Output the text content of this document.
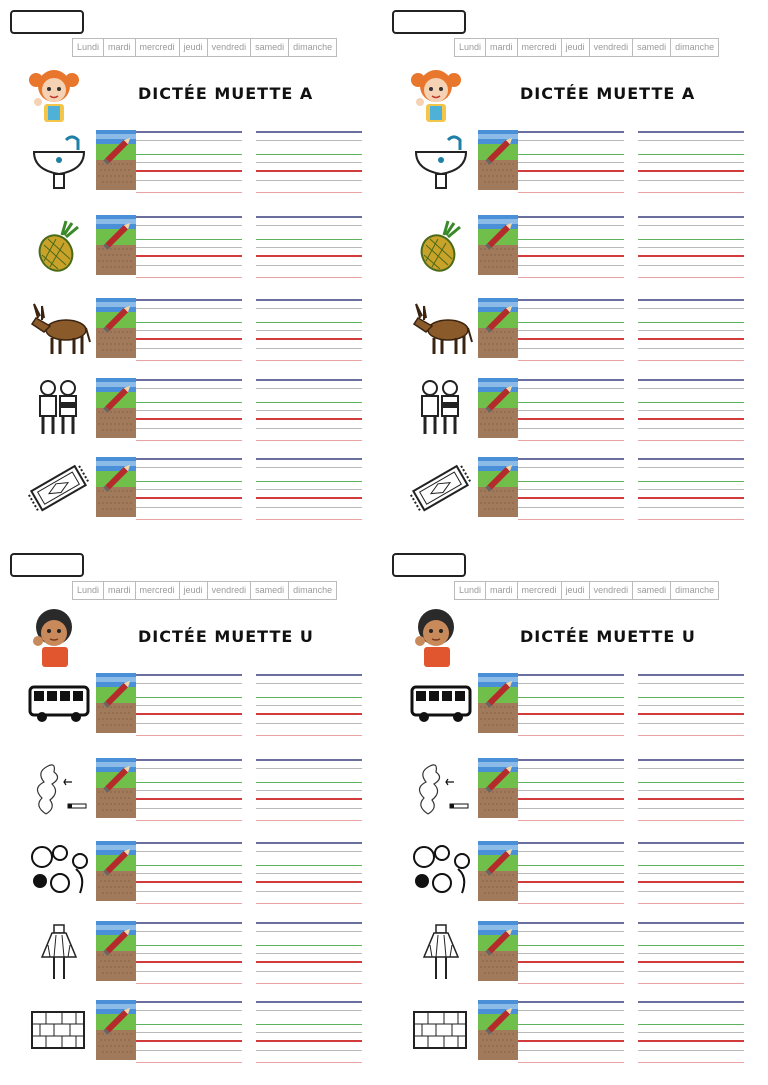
Lundi	mardi	mercredi	jeudi	vendredi	samedi	dimanche
DICTÉE MUETTE A
Lundi	mardi	mercredi	jeudi	vendredi	samedi	dimanche
DICTÉE MUETTE A
Lundi	mardi	mercredi	jeudi	vendredi	samedi	dimanche
DICTÉE MUETTE U
Lundi	mardi	mercredi	jeudi	vendredi	samedi	dimanche
DICTÉE MUETTE U
